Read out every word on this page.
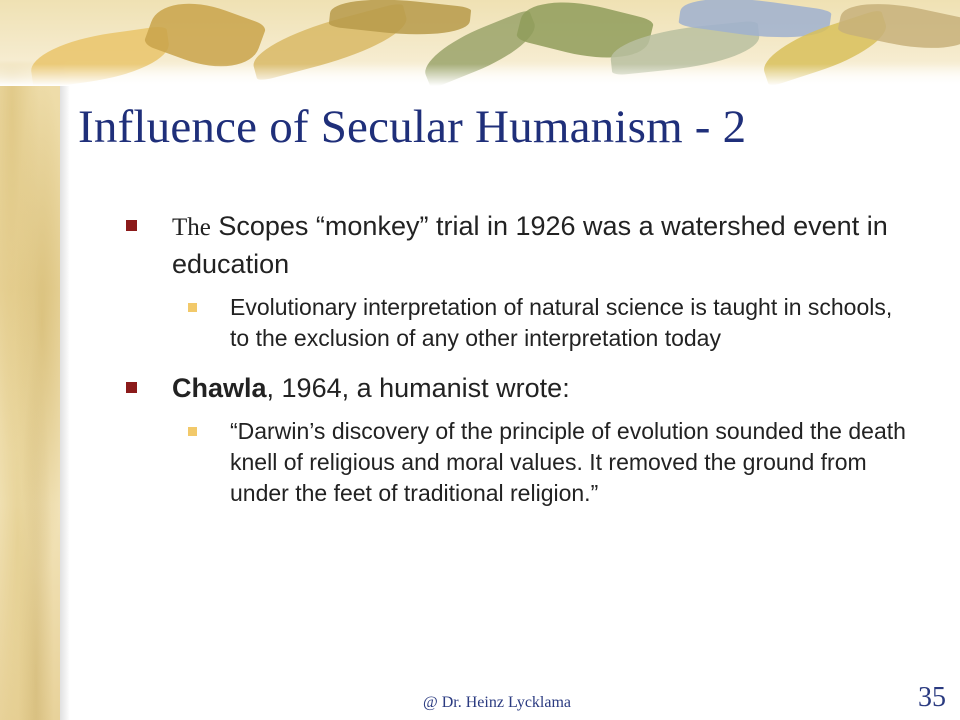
Influence of Secular Humanism - 2
The Scopes “monkey” trial in 1926 was a watershed event in education
Evolutionary interpretation of natural science is taught in schools, to the exclusion of any other interpretation today
Chawla, 1964, a humanist wrote:
“Darwin’s discovery of the principle of evolution sounded the death knell of religious and moral values. It removed the ground from under the feet of traditional religion.”
@ Dr. Heinz Lycklama	35
